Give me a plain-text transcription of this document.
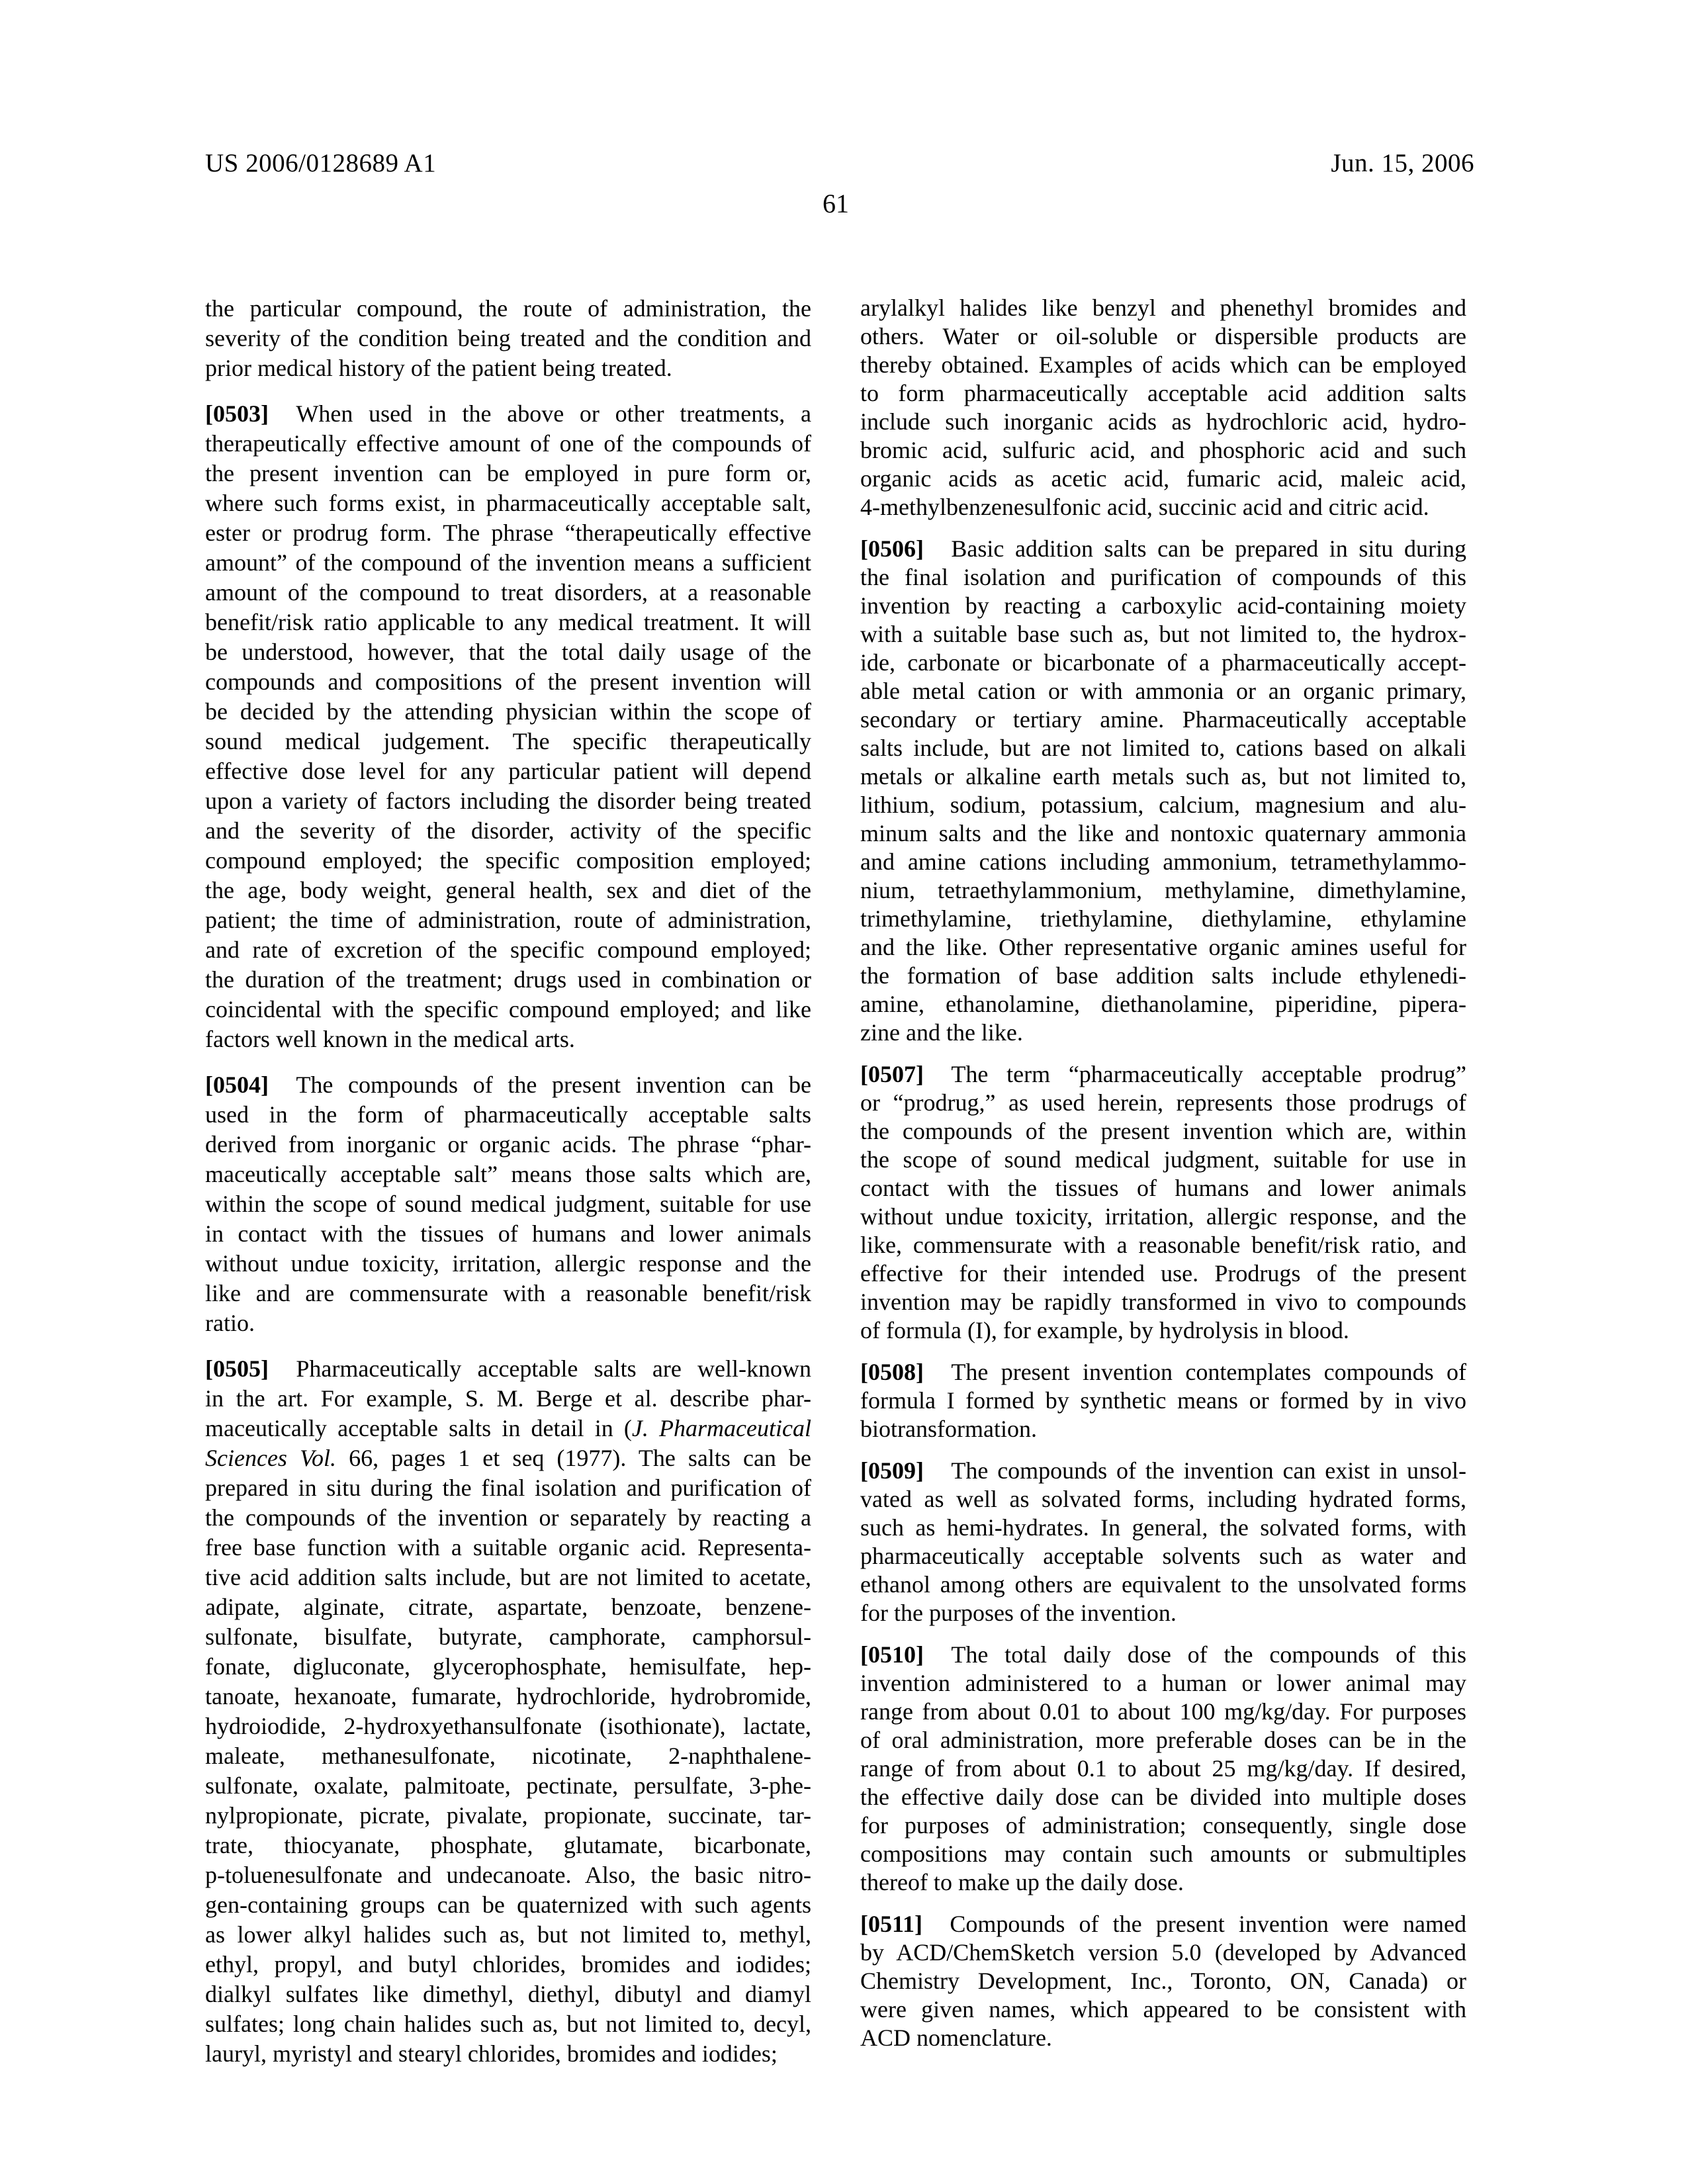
US 2006/0128689 A1	Jun. 15, 2006
61
the particular compound, the route of administration, the
severity of the condition being treated and the condition and
prior medical history of the patient being treated.
[0503] When used in the above or other treatments, a
therapeutically effective amount of one of the compounds of
the present invention can be employed in pure form or,
where such forms exist, in pharmaceutically acceptable salt,
ester or prodrug form. The phrase “therapeutically effective
amount” of the compound of the invention means a sufficient
amount of the compound to treat disorders, at a reasonable
benefit/risk ratio applicable to any medical treatment. It will
be understood, however, that the total daily usage of the
compounds and compositions of the present invention will
be decided by the attending physician within the scope of
sound medical judgement. The specific therapeutically
effective dose level for any particular patient will depend
upon a variety of factors including the disorder being treated
and the severity of the disorder, activity of the specific
compound employed; the specific composition employed;
the age, body weight, general health, sex and diet of the
patient; the time of administration, route of administration,
and rate of excretion of the specific compound employed;
the duration of the treatment; drugs used in combination or
coincidental with the specific compound employed; and like
factors well known in the medical arts.
[0504] The compounds of the present invention can be
used in the form of pharmaceutically acceptable salts
derived from inorganic or organic acids. The phrase “phar-
maceutically acceptable salt” means those salts which are,
within the scope of sound medical judgment, suitable for use
in contact with the tissues of humans and lower animals
without undue toxicity, irritation, allergic response and the
like and are commensurate with a reasonable benefit/risk
ratio.
[0505] Pharmaceutically acceptable salts are well-known
in the art. For example, S. M. Berge et al. describe phar-
maceutically acceptable salts in detail in (J. Pharmaceutical
Sciences Vol. 66, pages 1 et seq (1977). The salts can be
prepared in situ during the final isolation and purification of
the compounds of the invention or separately by reacting a
free base function with a suitable organic acid. Representa-
tive acid addition salts include, but are not limited to acetate,
adipate, alginate, citrate, aspartate, benzoate, benzene-
sulfonate, bisulfate, butyrate, camphorate, camphorsul-
fonate, digluconate, glycerophosphate, hemisulfate, hep-
tanoate, hexanoate, fumarate, hydrochloride, hydrobromide,
hydroiodide, 2-hydroxyethansulfonate (isothionate), lactate,
maleate, methanesulfonate, nicotinate, 2-naphthalene-
sulfonate, oxalate, palmitoate, pectinate, persulfate, 3-phe-
nylpropionate, picrate, pivalate, propionate, succinate, tar-
trate, thiocyanate, phosphate, glutamate, bicarbonate,
p-toluenesulfonate and undecanoate. Also, the basic nitro-
gen-containing groups can be quaternized with such agents
as lower alkyl halides such as, but not limited to, methyl,
ethyl, propyl, and butyl chlorides, bromides and iodides;
dialkyl sulfates like dimethyl, diethyl, dibutyl and diamyl
sulfates; long chain halides such as, but not limited to, decyl,
lauryl, myristyl and stearyl chlorides, bromides and iodides;
arylalkyl halides like benzyl and phenethyl bromides and
others. Water or oil-soluble or dispersible products are
thereby obtained. Examples of acids which can be employed
to form pharmaceutically acceptable acid addition salts
include such inorganic acids as hydrochloric acid, hydro-
bromic acid, sulfuric acid, and phosphoric acid and such
organic acids as acetic acid, fumaric acid, maleic acid,
4-methylbenzenesulfonic acid, succinic acid and citric acid.
[0506] Basic addition salts can be prepared in situ during
the final isolation and purification of compounds of this
invention by reacting a carboxylic acid-containing moiety
with a suitable base such as, but not limited to, the hydrox-
ide, carbonate or bicarbonate of a pharmaceutically accept-
able metal cation or with ammonia or an organic primary,
secondary or tertiary amine. Pharmaceutically acceptable
salts include, but are not limited to, cations based on alkali
metals or alkaline earth metals such as, but not limited to,
lithium, sodium, potassium, calcium, magnesium and alu-
minum salts and the like and nontoxic quaternary ammonia
and amine cations including ammonium, tetramethylammo-
nium, tetraethylammonium, methylamine, dimethylamine,
trimethylamine, triethylamine, diethylamine, ethylamine
and the like. Other representative organic amines useful for
the formation of base addition salts include ethylenedi-
amine, ethanolamine, diethanolamine, piperidine, pipera-
zine and the like.
[0507] The term “pharmaceutically acceptable prodrug”
or “prodrug,” as used herein, represents those prodrugs of
the compounds of the present invention which are, within
the scope of sound medical judgment, suitable for use in
contact with the tissues of humans and lower animals
without undue toxicity, irritation, allergic response, and the
like, commensurate with a reasonable benefit/risk ratio, and
effective for their intended use. Prodrugs of the present
invention may be rapidly transformed in vivo to compounds
of formula (I), for example, by hydrolysis in blood.
[0508] The present invention contemplates compounds of
formula I formed by synthetic means or formed by in vivo
biotransformation.
[0509] The compounds of the invention can exist in unsol-
vated as well as solvated forms, including hydrated forms,
such as hemi-hydrates. In general, the solvated forms, with
pharmaceutically acceptable solvents such as water and
ethanol among others are equivalent to the unsolvated forms
for the purposes of the invention.
[0510] The total daily dose of the compounds of this
invention administered to a human or lower animal may
range from about 0.01 to about 100 mg/kg/day. For purposes
of oral administration, more preferable doses can be in the
range of from about 0.1 to about 25 mg/kg/day. If desired,
the effective daily dose can be divided into multiple doses
for purposes of administration; consequently, single dose
compositions may contain such amounts or submultiples
thereof to make up the daily dose.
[0511] Compounds of the present invention were named
by ACD/ChemSketch version 5.0 (developed by Advanced
Chemistry Development, Inc., Toronto, ON, Canada) or
were given names, which appeared to be consistent with
ACD nomenclature.
